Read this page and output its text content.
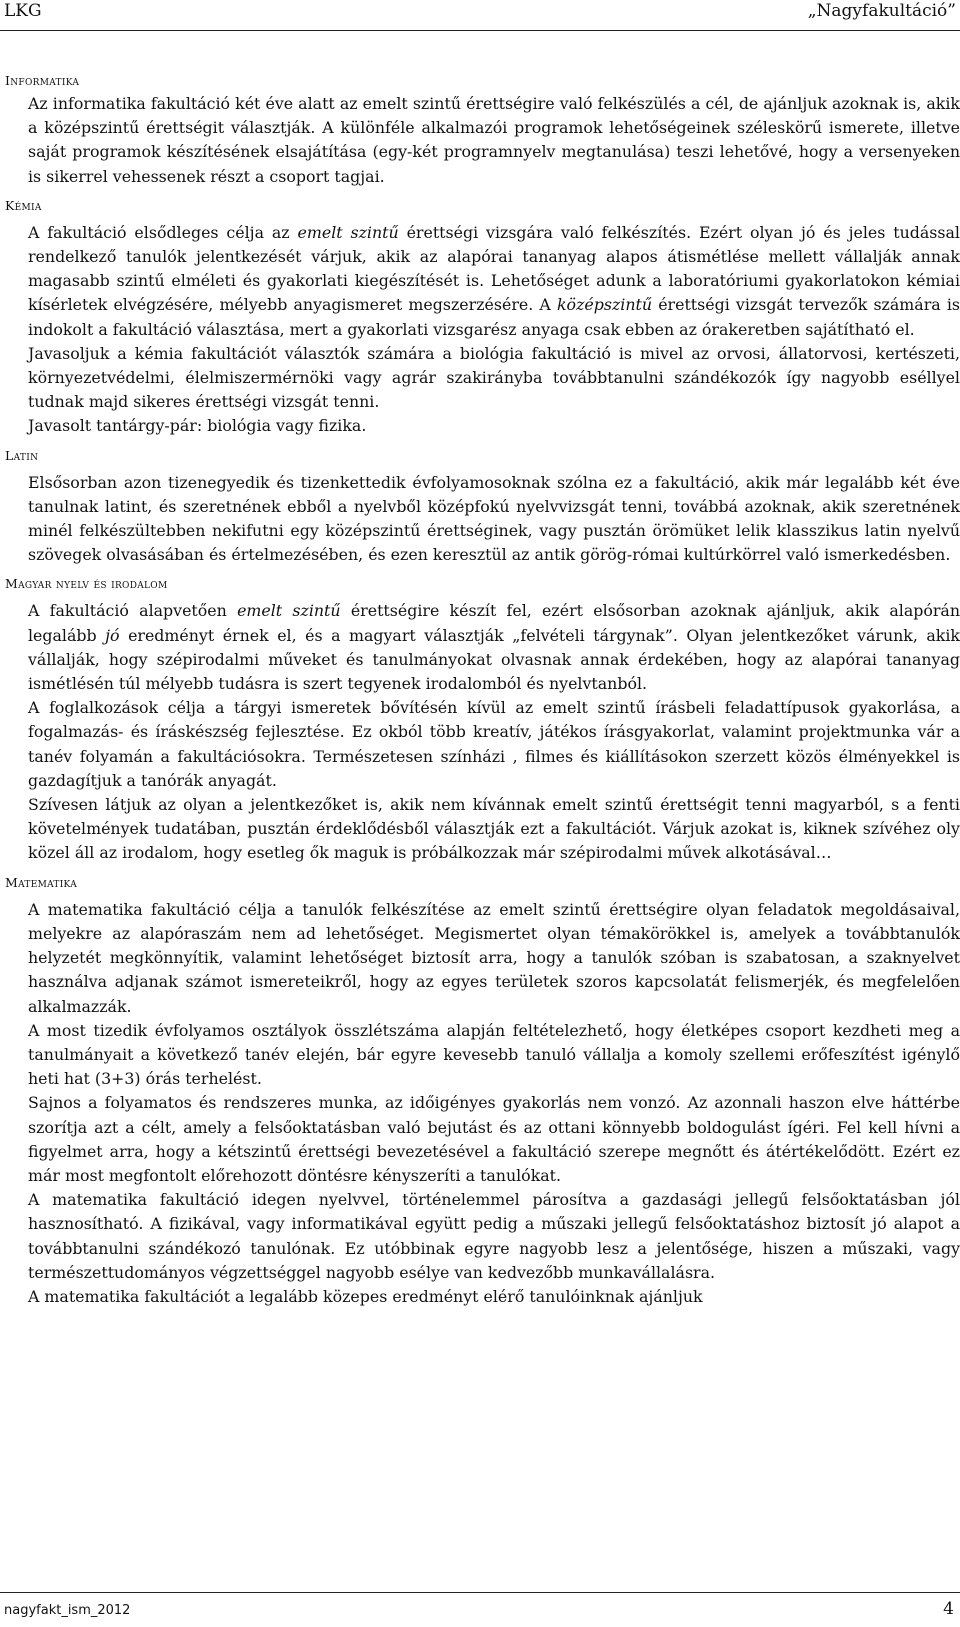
LKG	„Nagyfakultáció”
Informatika

Az informatika fakultáció két éve alatt az emelt szintű érettségire való felkészülés a cél, de ajánljuk azoknak is, akik a középszintű érettségit választják. A különféle alkalmazói programok lehetőségeinek széleskörű ismerete, illetve saját programok készítésének elsajátítása (egy-két programnyelv megtanulása) teszi lehetővé, hogy a versenyeken is sikerrel vehessenek részt a csoport tagjai.

Kémia

A fakultáció elsődleges célja az emelt szintű érettségi vizsgára való felkészítés. Ezért olyan jó és jeles tudással rendelkező tanulók jelentkezését várjuk, akik az alapórai tananyag alapos átismétlése mellett vállalják annak magasabb szintű elméleti és gyakorlati kiegészítését is. Lehetőséget adunk a laboratóriumi gyakorlatokon kémiai kísérletek elvégzésére, mélyebb anyagismeret megszerzésére. A középszintű érettségi vizsgát tervezők számára is indokolt a fakultáció választása, mert a gyakorlati vizsgarész anyaga csak ebben az órakeretben sajátítható el.

Javasoljuk a kémia fakultációt választók számára a biológia fakultáció is mivel az orvosi, állatorvosi, kertészeti, környezetvédelmi, élelmiszermérnöki vagy agrár szakirányba továbbtanulni szándékozók így nagyobb eséllyel tudnak majd sikeres érettségi vizsgát tenni.

Javasolt tantárgy-pár: biológia vagy fizika.

Latin

Elsősorban azon tizenegyedik és tizenkettedik évfolyamosoknak szólna ez a fakultáció, akik már legalább két éve tanulnak latint, és szeretnének ebből a nyelvből középfokú nyelvvizsgát tenni, továbbá azoknak, akik szeretnének minél felkészültebben nekifutni egy középszintű érettséginek, vagy pusztán örömüket lelik klasszikus latin nyelvű szövegek olvasásában és értelmezésében, és ezen keresztül az antik görög-római kultúrkörrel való ismerkedésben.

Magyar nyelv és irodalom

A fakultáció alapvetően emelt szintű érettségire készít fel, ezért elsősorban azoknak ajánljuk, akik alapórán legalább jó eredményt érnek el, és a magyart választják „felvételi tárgynak”. Olyan jelentkezőket várunk, akik vállalják, hogy szépirodalmi műveket és tanulmányokat olvasnak annak érdekében, hogy az alapórai tananyag ismétlésén túl mélyebb tudásra is szert tegyenek irodalomból és nyelvtanból.

A foglalkozások célja a tárgyi ismeretek bővítésén kívül az emelt szintű írásbeli feladattípusok gyakorlása, a fogalmazás- és íráskészség fejlesztése. Ez okból több kreatív, játékos írásgyakorlat, valamint projektmunka vár a tanév folyamán a fakultációsokra. Természetesen színházi , filmes és kiállításokon szerzett közös élményekkel is gazdagítjuk a tanórák anyagát.

Szívesen látjuk az olyan a jelentkezőket is, akik nem kívánnak emelt szintű érettségit tenni magyarból, s a fenti követelmények tudatában, pusztán érdeklődésből választják ezt a fakultációt. Várjuk azokat is, kiknek szívéhez oly közel áll az irodalom, hogy esetleg ők maguk is próbálkozzak már szépirodalmi művek alkotásával…

Matematika

A matematika fakultáció célja a tanulók felkészítése az emelt szintű érettségire olyan feladatok megoldásaival, melyekre az alapóraszám nem ad lehetőséget. Megismertet olyan témakörökkel is, amelyek a továbbtanulók helyzetét megkönnyítik, valamint lehetőséget biztosít arra, hogy a tanulók szóban is szabatosan, a szaknyelvet használva adjanak számot ismereteikről, hogy az egyes területek szoros kapcsolatát felismerjék, és megfelelően alkalmazzák.

A most tizedik évfolyamos osztályok összlétszáma alapján feltételezhető, hogy életképes csoport kezdheti meg a tanulmányait a következő tanév elején, bár egyre kevesebb tanuló vállalja a komoly szellemi erőfeszítést igénylő heti hat (3+3) órás terhelést.

Sajnos a folyamatos és rendszeres munka, az időigényes gyakorlás nem vonzó. Az azonnali haszon elve háttérbe szorítja azt a célt, amely a felsőoktatásban való bejutást és az ottani könnyebb boldogulást ígéri. Fel kell hívni a figyelmet arra, hogy a kétszintű érettségi bevezetésével a fakultáció szerepe megnőtt és átértékelődött. Ezért ez már most megfontolt előrehozott döntésre kényszeríti a tanulókat.

A matematika fakultáció idegen nyelvvel, történelemmel párosítva a gazdasági jellegű felsőoktatásban jól hasznosítható. A fizikával, vagy informatikával együtt pedig a műszaki jellegű felsőoktatáshoz biztosít jó alapot a továbbtanulni szándékozó tanulónak. Ez utóbbinak egyre nagyobb lesz a jelentősége, hiszen a műszaki, vagy természettudományos végzettséggel nagyobb esélye van kedvezőbb munkavállalásra.

A matematika fakultációt a legalább közepes eredményt elérő tanulóinknak ajánljuk

nagyfakt_ism_2012	4
